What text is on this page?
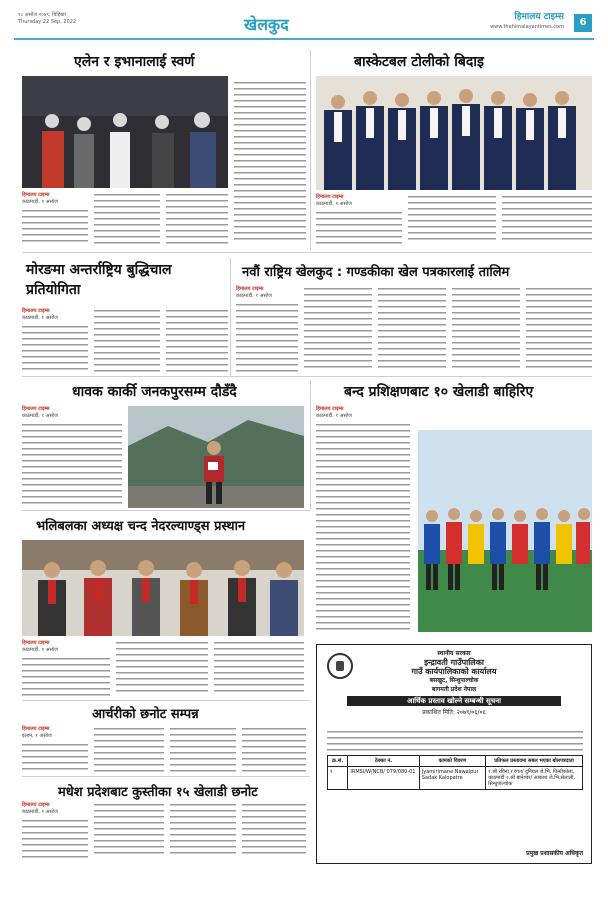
१८ असोज २०७९, बिहिबार
Thursday 22 Sep. 2022	खेलकुद	हिमालय टाइम्स
www.thehimalayantimes.com	6
एलेन र इभानालाई स्वर्ण
हिमालय टाइम्स
काठमाडौं, १ असोज
बास्केटबल टोलीको बिदाइ
हिमालय टाइम्स
काठमाडौं, १ असोज
मोरङमा अन्तर्राष्ट्रिय बुद्धिचाल प्रतियोगिता
हिमालय टाइम्स
काठमाडौं, १ असोज
नवौं राष्ट्रिय खेलकुद : गण्डकीका खेल पत्रकारलाई तालिम
हिमालय टाइम्स
काठमाडौं, १ असोज
धावक कार्की जनकपुरसम्म दौडँदै
हिमालय टाइम्स
काठमाडौं, १ असोज
बन्द प्रशिक्षणबाट १० खेलाडी बाहिरिए
हिमालय टाइम्स
काठमाडौं, १ असोज
भलिबलका अध्यक्ष चन्द नेदरल्याण्ड्स प्रस्थान
हिमालय टाइम्स
काठमाडौं, १ असोज
आर्चरीको छनोट सम्पन्न
हिमालय टाइम्स
इलाम, १ असोज
मधेश प्रदेशबाट कुस्तीका १५ खेलाडी छनोट
हिमालय टाइम्स
काठमाडौं, १ असोज
स्थानीय सरकार
इन्द्रावती गाउँपालिका
गाउँ कार्यपालिकाको कार्यालय
बसखुट, सिन्धुपाल्चोक
बागमती प्रदेश नेपाल
आर्थिक प्रस्ताव खोल्ने सम्बन्धी सूचना
प्रकाशित मिति: २०७९/०६/०६
क्र.सं.	ठेक्का नं.	कामको विवरण	प्रतिफल प्रस्तावमा सबल भएका बोलपत्रदाता
१	IRMSI/W/NCB/ 079/080-01	Jyamirimane Nawalpur Sadak Kalopatre	१.श्री रविना र रंगत/ दुनियल जे.भि. पिन्धीकोला, काठमाडौं २.श्री बानेश्वर/ आकाश जे.भि.सेलाली, सिन्धुपाल्चोक
प्रमुख प्रशासकीय अधिकृत
